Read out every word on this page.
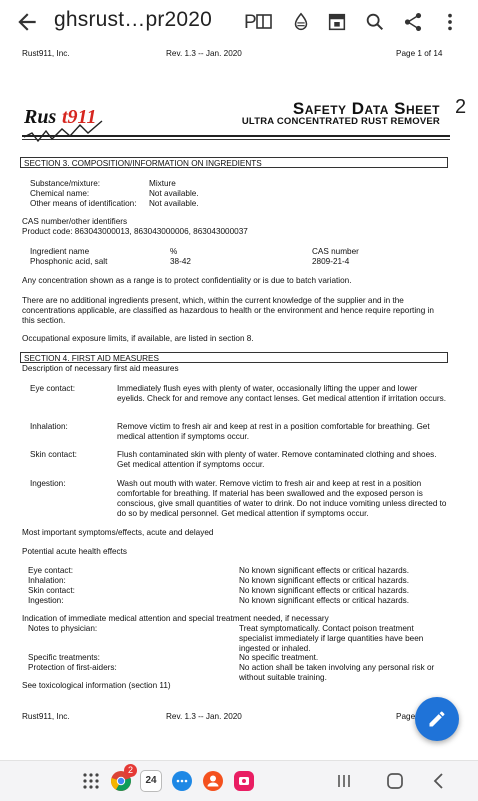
ghsrust…pr2020 P
Rust911, Inc.	Rev. 1.3 -- Jan. 2020	Page 1 of 14
Rus t911	Safety Data Sheet
ULTRA CONCENTRATED RUST REMOVER
2
SECTION 3. COMPOSITION/INFORMATION ON INGREDIENTS
Substance/mixture:	Mixture
Chemical name:	Not available.
Other means of identification: Not available.
CAS number/other identifiers
Product code: 863043000013, 863043000006, 863043000037
Ingredient name	%	CAS number
Phosphonic acid, salt	38-42	2809-21-4
Any concentration shown as a range is to protect confidentiality or is due to batch variation.
There are no additional ingredients present, which, within the current knowledge of the supplier and in the concentrations applicable, are classified as hazardous to health or the environment and hence require reporting in this section.
Occupational exposure limits, if available, are listed in section 8.
SECTION 4. FIRST AID MEASURES
Description of necessary first aid measures
Eye contact:	Immediately flush eyes with plenty of water, occasionally lifting the upper and lower eyelids. Check for and remove any contact lenses. Get medical attention if irritation occurs.
Inhalation:	Remove victim to fresh air and keep at rest in a position comfortable for breathing. Get medical attention if symptoms occur.
Skin contact:	Flush contaminated skin with plenty of water. Remove contaminated clothing and shoes. Get medical attention if symptoms occur.
Ingestion:	Wash out mouth with water. Remove victim to fresh air and keep at rest in a position comfortable for breathing. If material has been swallowed and the exposed person is conscious, give small quantities of water to drink. Do not induce vomiting unless directed to do so by medical personnel. Get medical attention if symptoms occur.
Most important symptoms/effects, acute and delayed
Potential acute health effects
Eye contact:	No known significant effects or critical hazards.
Inhalation:	No known significant effects or critical hazards.
Skin contact:	No known significant effects or critical hazards.
Ingestion:	No known significant effects or critical hazards.
Indication of immediate medical attention and special treatment needed, if necessary
Notes to physician:	Treat symptomatically. Contact poison treatment specialist immediately if large quantities have been ingested or inhaled.
Specific treatments:	No specific treatment.
Protection of first-aiders:	No action shall be taken involving any personal risk or without suitable training.
See toxicological information (section 11)
Rust911, Inc.	Rev. 1.3 -- Jan. 2020	Page
2
24
